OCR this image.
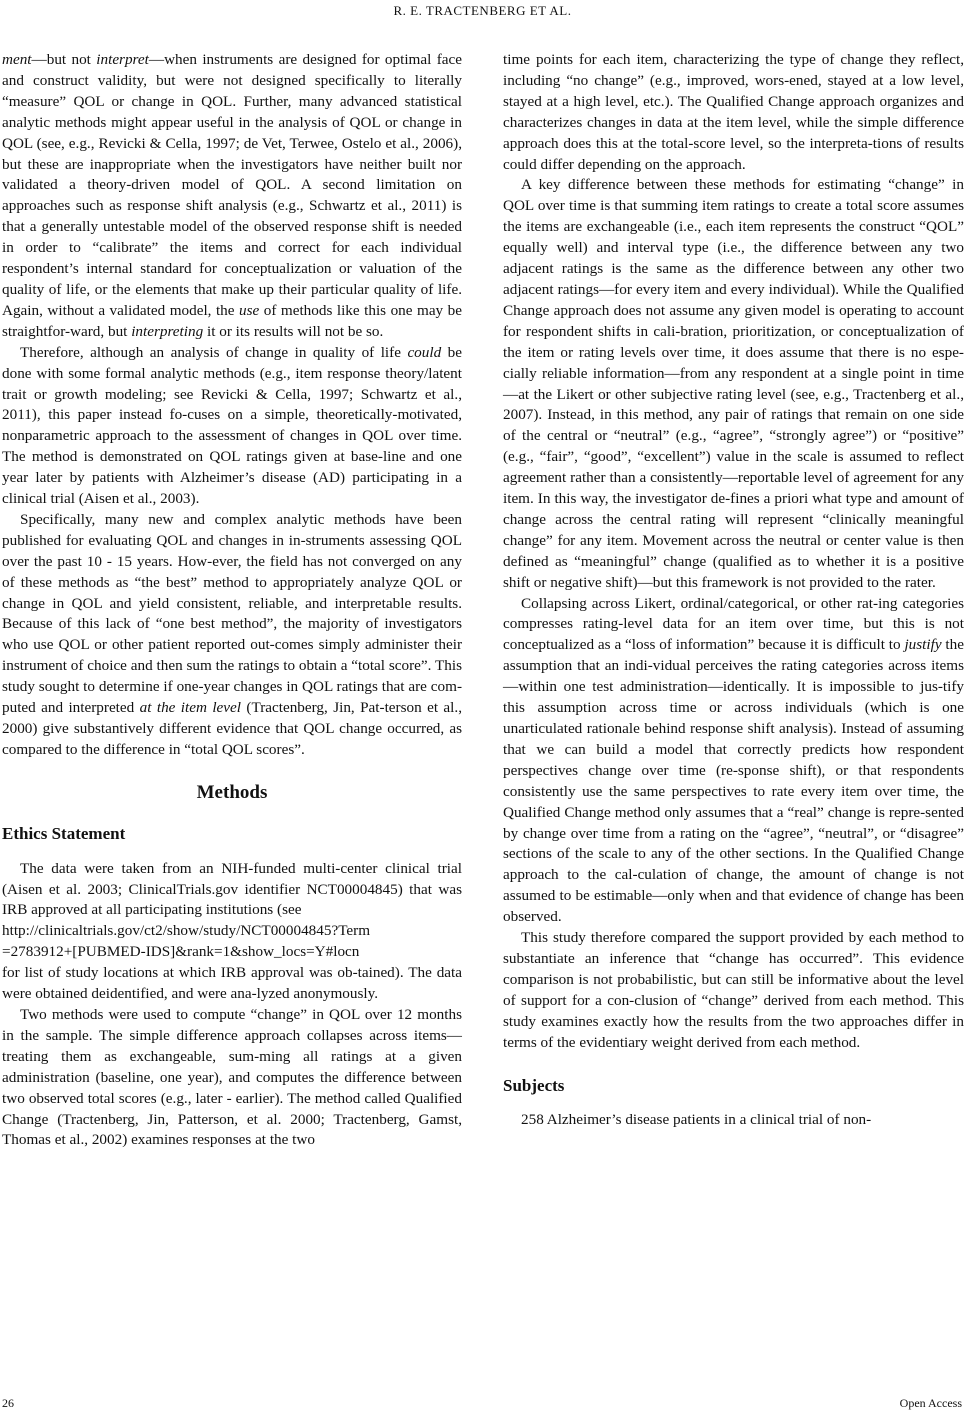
R. E. TRACTENBERG ET AL.

ment—but not interpret—when instruments are designed for optimal face and construct validity, but were not designed specifically to literally “measure” QOL or change in QOL. Further, many advanced statistical analytic methods might appear useful in the analysis of QOL or change in QOL (see, e.g., Revicki & Cella, 1997; de Vet, Terwee, Ostelo et al., 2006), but these are inappropriate when the investigators have neither built nor validated a theory-driven model of QOL. A second limitation on approaches such as response shift analysis (e.g., Schwartz et al., 2011) is that a generally untestable model of the observed response shift is needed in order to “calibrate” the items and correct for each individual respondent’s internal standard for conceptualization or valuation of the quality of life, or the elements that make up their particular quality of life. Again, without a validated model, the use of methods like this one may be straightfor-ward, but interpreting it or its results will not be so.

Therefore, although an analysis of change in quality of life could be done with some formal analytic methods (e.g., item response theory/latent trait or growth modeling; see Revicki & Cella, 1997; Schwartz et al., 2011), this paper instead fo-cuses on a simple, theoretically-motivated, nonparametric approach to the assessment of changes in QOL over time. The method is demonstrated on QOL ratings given at base-line and one year later by patients with Alzheimer’s disease (AD) participating in a clinical trial (Aisen et al., 2003).

Specifically, many new and complex analytic methods have been published for evaluating QOL and changes in in-struments assessing QOL over the past 10 - 15 years. How-ever, the field has not converged on any of these methods as “the best” method to appropriately analyze QOL or change in QOL and yield consistent, reliable, and interpretable results. Because of this lack of “one best method”, the majority of investigators who use QOL or other patient reported out-comes simply administer their instrument of choice and then sum the ratings to obtain a “total score”. This study sought to determine if one-year changes in QOL ratings that are com-puted and interpreted at the item level (Tractenberg, Jin, Pat-terson et al., 2000) give substantively different evidence that QOL change occurred, as compared to the difference in “total QOL scores”.

Methods
Ethics Statement

The data were taken from an NIH-funded multi-center clinical trial (Aisen et al. 2003; ClinicalTrials.gov identifier NCT00004845) that was IRB approved at all participating institutions (see

http://clinicaltrials.gov/ct2/show/study/NCT00004845?Term
=2783912+[PUBMED-IDS]&rank=1&show_locs=Y#locn

for list of study locations at which IRB approval was ob-tained). The data were obtained deidentified, and were ana-lyzed anonymously.

Two methods were used to compute “change” in QOL over 12 months in the sample. The simple difference approach collapses across items—treating them as exchangeable, sum-ming all ratings at a given administration (baseline, one year), and computes the difference between two observed total scores (e.g., later - earlier). The method called Qualified Change (Tractenberg, Jin, Patterson, et al. 2000; Tractenberg, Gamst, Thomas et al., 2002) examines responses at the two

time points for each item, characterizing the type of change they reflect, including “no change” (e.g., improved, wors-ened, stayed at a low level, stayed at a high level, etc.). The Qualified Change approach organizes and characterizes changes in data at the item level, while the simple difference approach does this at the total-score level, so the interpreta-tions of results could differ depending on the approach.

A key difference between these methods for estimating “change” in QOL over time is that summing item ratings to create a total score assumes the items are exchangeable (i.e., each item represents the construct “QOL” equally well) and interval type (i.e., the difference between any two adjacent ratings is the same as the difference between any other two adjacent ratings—for every item and every individual). While the Qualified Change approach does not assume any given model is operating to account for respondent shifts in cali-bration, prioritization, or conceptualization of the item or rating levels over time, it does assume that there is no espe-cially reliable information—from any respondent at a single point in time—at the Likert or other subjective rating level (see, e.g., Tractenberg et al., 2007). Instead, in this method, any pair of ratings that remain on one side of the central or “neutral” (e.g., “agree”, “strongly agree”) or “positive” (e.g., “fair”, “good”, “excellent”) value in the scale is assumed to reflect agreement rather than a consistently—reportable level of agreement for any item. In this way, the investigator de-fines a priori what type and amount of change across the central rating will represent “clinically meaningful change” for any item. Movement across the neutral or center value is then defined as “meaningful” change (qualified as to whether it is a positive shift or negative shift)—but this framework is not provided to the rater.

Collapsing across Likert, ordinal/categorical, or other rat-ing categories compresses rating-level data for an item over time, but this is not conceptualized as a “loss of information” because it is difficult to justify the assumption that an indi-vidual perceives the rating categories across items—within one test administration—identically. It is impossible to jus-tify this assumption across time or across individuals (which is one unarticulated rationale behind response shift analysis). Instead of assuming that we can build a model that correctly predicts how respondent perspectives change over time (re-sponse shift), or that respondents consistently use the same perspectives to rate every item over time, the Qualified Change method only assumes that a “real” change is repre-sented by change over time from a rating on the “agree”, “neutral”, or “disagree” sections of the scale to any of the other sections. In the Qualified Change approach to the cal-culation of change, the amount of change is not assumed to be estimable—only when and that evidence of change has been observed.

This study therefore compared the support provided by each method to substantiate an inference that “change has occurred”. This evidence comparison is not probabilistic, but can still be informative about the level of support for a con-clusion of “change” derived from each method. This study examines exactly how the results from the two approaches differ in terms of the evidentiary weight derived from each method.

Subjects

258 Alzheimer’s disease patients in a clinical trial of non-

26	Open Access
